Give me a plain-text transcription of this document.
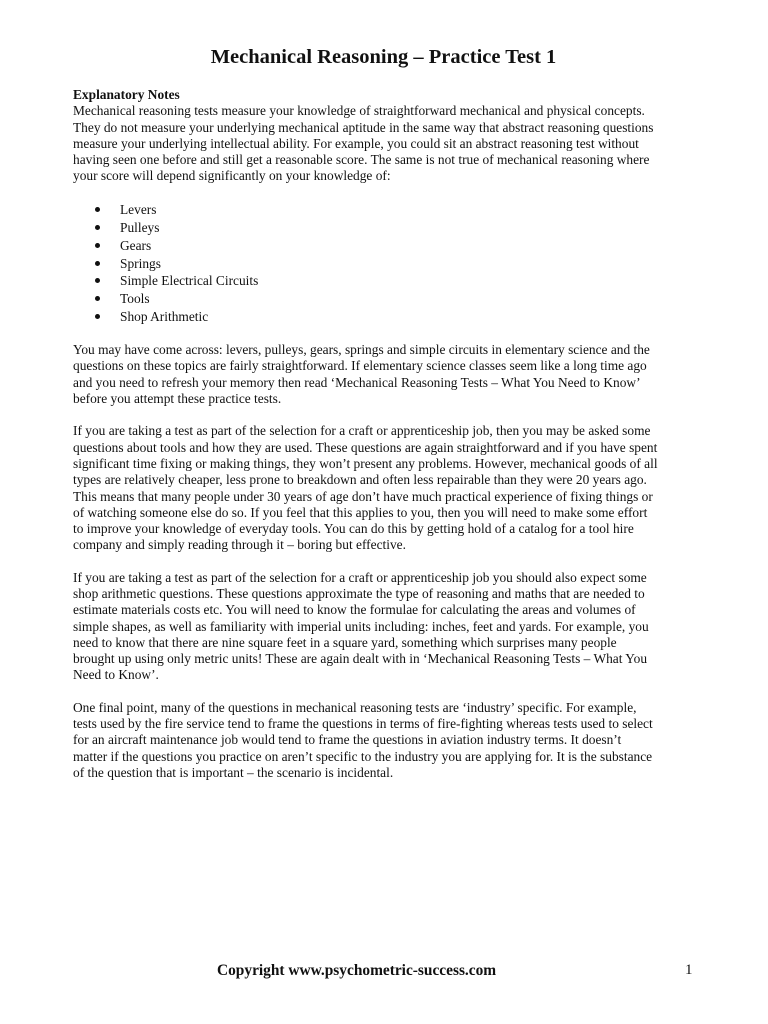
Mechanical Reasoning – Practice Test 1
Explanatory Notes

Mechanical reasoning tests measure your knowledge of straightforward mechanical and physical concepts. They do not measure your underlying mechanical aptitude in the same way that abstract reasoning questions measure your underlying intellectual ability. For example, you could sit an abstract reasoning test without having seen one before and still get a reasonable score. The same is not true of mechanical reasoning where your score will depend significantly on your knowledge of:

Levers
Pulleys
Gears
Springs
Simple Electrical Circuits
Tools
Shop Arithmetic

You may have come across: levers, pulleys, gears, springs and simple circuits in elementary science and the questions on these topics are fairly straightforward. If elementary science classes seem like a long time ago and you need to refresh your memory then read ‘Mechanical Reasoning Tests – What You Need to Know’ before you attempt these practice tests.

If you are taking a test as part of the selection for a craft or apprenticeship job, then you may be asked some questions about tools and how they are used. These questions are again straightforward and if you have spent significant time fixing or making things, they won’t present any problems. However, mechanical goods of all types are relatively cheaper, less prone to breakdown and often less repairable than they were 20 years ago. This means that many people under 30 years of age don’t have much practical experience of fixing things or of watching someone else do so. If you feel that this applies to you, then you will need to make some effort to improve your knowledge of everyday tools. You can do this by getting hold of a catalog for a tool hire company and simply reading through it – boring but effective.

If you are taking a test as part of the selection for a craft or apprenticeship job you should also expect some shop arithmetic questions. These questions approximate the type of reasoning and maths that are needed to estimate materials costs etc. You will need to know the formulae for calculating the areas and volumes of simple shapes, as well as familiarity with imperial units including: inches, feet and yards. For example, you need to know that there are nine square feet in a square yard, something which surprises many people brought up using only metric units! These are again dealt with in ‘Mechanical Reasoning Tests – What You Need to Know’.

One final point, many of the questions in mechanical reasoning tests are ‘industry’ specific. For example, tests used by the fire service tend to frame the questions in terms of fire-fighting whereas tests used to select for an aircraft maintenance job would tend to frame the questions in aviation industry terms. It doesn’t matter if the questions you practice on aren’t specific to the industry you are applying for. It is the substance of the question that is important – the scenario is incidental.

Copyright www.psychometric-success.com	1
